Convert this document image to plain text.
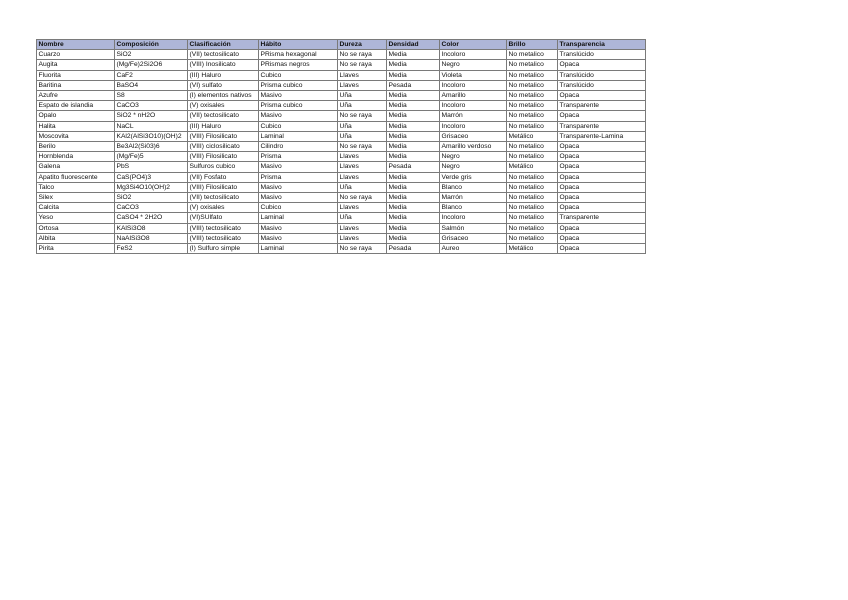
Nombre	Composición	Clasificación	Hábito	Dureza	Densidad	Color	Brillo	Transparencia
Cuarzo	SiO2	(VII) tectosilicato	PRisma hexagonal	No se raya	Media	Incoloro	No metalico	Translúcido
Augita	(Mg/Fe)2Si2O6	(VIII) Inosilicato	PRismas negros	No se raya	Media	Negro	No metalico	Opaca
Fluorita	CaF2	(III) Haluro	Cubico	Llaves	Media	Violeta	No metalico	Translúcido
Baritina	BaSO4	(VI) sulfato	Prisma cubico	Llaves	Pesada	Incoloro	No metalico	Translúcido
Azufre	S8	(I) elementos nativos	Masivo	Uña	Media	Amarillo	No metalico	Opaca
Espato de islandia	CaCO3	(V) oxisales	Prisma cubico	Uña	Media	Incoloro	No metalico	Transparente
Opalo	SiO2 * nH2O	(VII) tectosilicato	Masivo	No se raya	Media	Marrón	No metalico	Opaca
Halita	NaCL	(III) Haluro	Cubico	Uña	Media	Incoloro	No metalico	Transparente
Moscovita	KAl2(AlSi3O10)(OH)2	(VIII) Filosilicato	Laminal	Uña	Media	Grisaceo	Metálico	Transparente-Lamina
Berilo	Be3Al2(Si03)6	(VIII) ciclosilicato	Cilindro	No se raya	Media	Amarillo verdoso	No metalico	Opaca
Hornblenda	(Mg/Fe)5	(VIII) Filosilicato	Prisma	Llaves	Media	Negro	No metalico	Opaca
Galena	PbS	Sulfuros cubico	Masivo	Llaves	Pesada	Negro	Metálico	Opaca
Apatito fluorescente	CaS(PO4)3	(VII) Fosfato	Prisma	Llaves	Media	Verde gris	No metalico	Opaca
Talco	Mg3Si4O10(OH)2	(VIII) Filosilicato	Masivo	Uña	Media	Blanco	No metalico	Opaca
Silex	SiO2	(VII) tectosilicato	Masivo	No se raya	Media	Marrón	No metalico	Opaca
Calcita	CaCO3	(V) oxisales	Cubico	Llaves	Media	Blanco	No metalico	Opaca
Yeso	CaSO4 * 2H2O	(VI)SUlfato	Laminal	Uña	Media	Incoloro	No metalico	Transparente
Ortosa	KAlSi3O8	(VIII) tectosilicato	Masivo	Llaves	Media	Salmón	No metalico	Opaca
Albita	NaAlSi3O8	(VIII) tectosilicato	Masivo	Llaves	Media	Grisaceo	No metalico	Opaca
Pirita	FeS2	(I) Sulfuro simple	Laminal	No se raya	Pesada	Aureo	Metálico	Opaca
